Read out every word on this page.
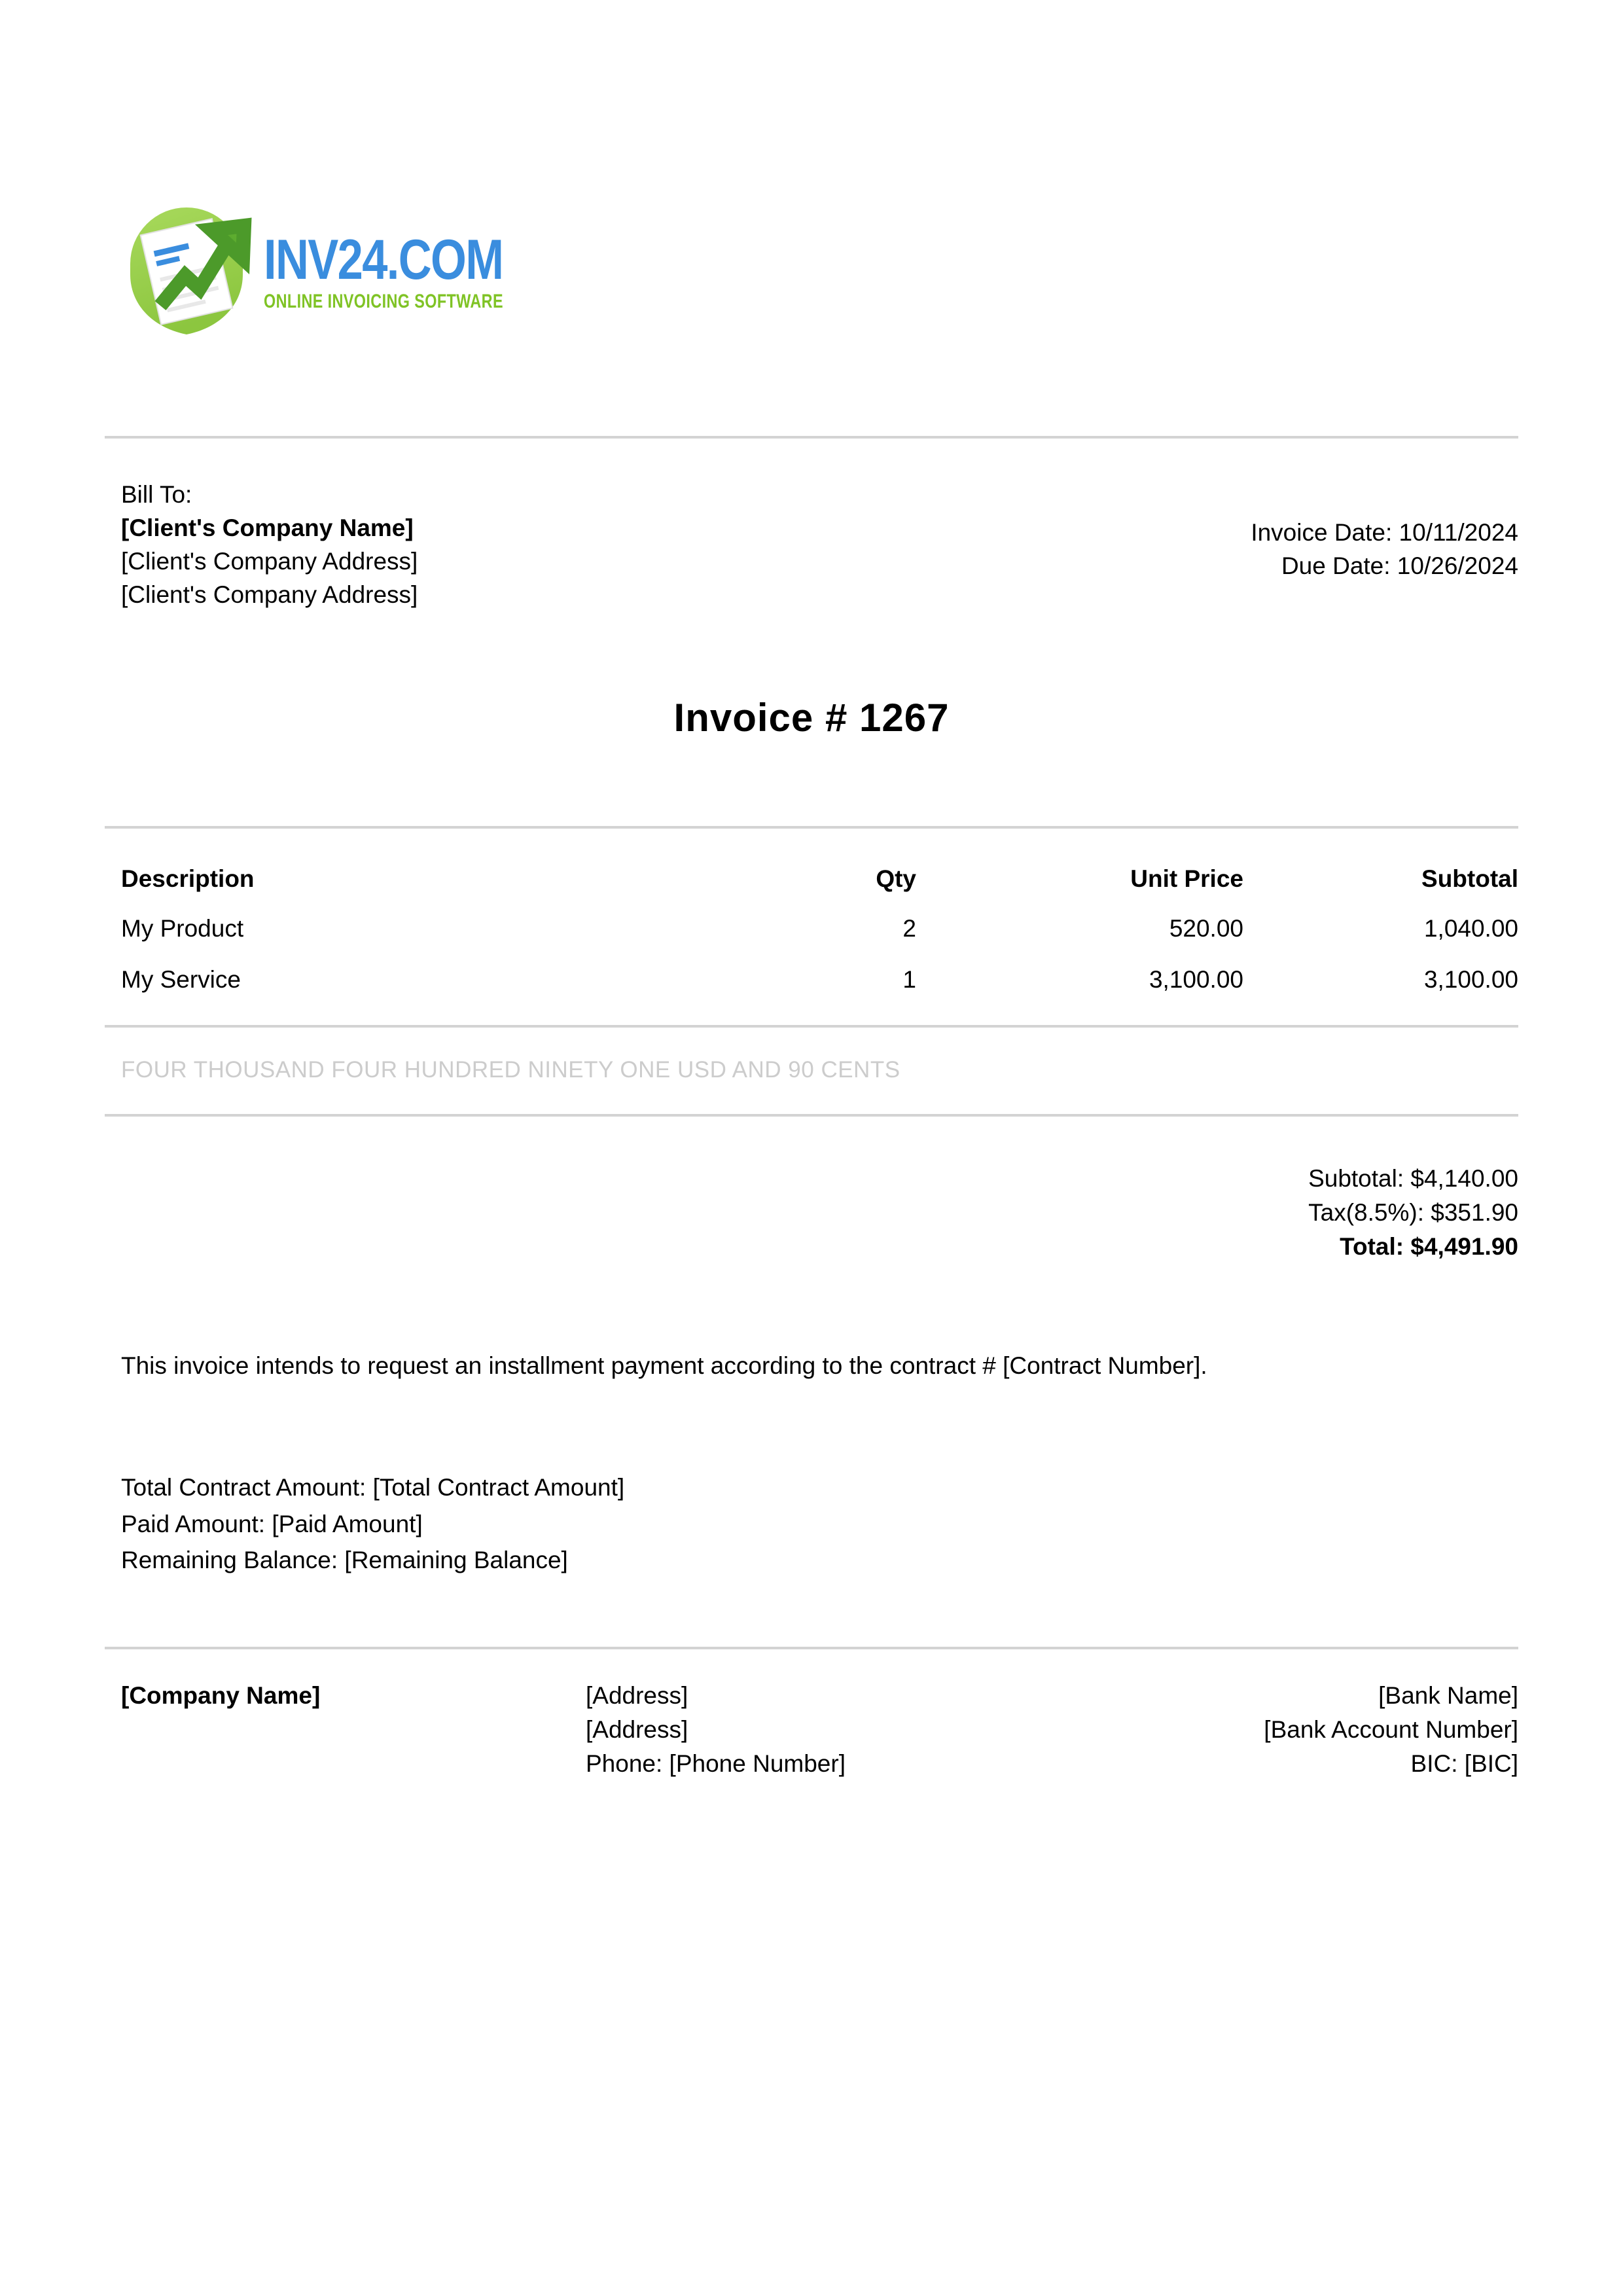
INV24.COM
ONLINE INVOICING SOFTWARE
Bill To:
[Client's Company Name]
[Client's Company Address]
[Client's Company Address]
Invoice Date: 10/11/2024
Due Date: 10/26/2024
Invoice # 1267
Description	Qty	Unit Price	Subtotal
My Product	2	520.00	1,040.00
My Service	1	3,100.00	3,100.00
FOUR THOUSAND FOUR HUNDRED NINETY ONE USD AND 90 CENTS
Subtotal: $4,140.00
Tax(8.5%): $351.90
Total: $4,491.90
This invoice intends to request an installment payment according to the contract # [Contract Number].
Total Contract Amount: [Total Contract Amount]
Paid Amount: [Paid Amount]
Remaining Balance: [Remaining Balance]
[Company Name]	[Address]
[Address]
Phone: [Phone Number]
[Bank Name]
[Bank Account Number]
BIC: [BIC]
